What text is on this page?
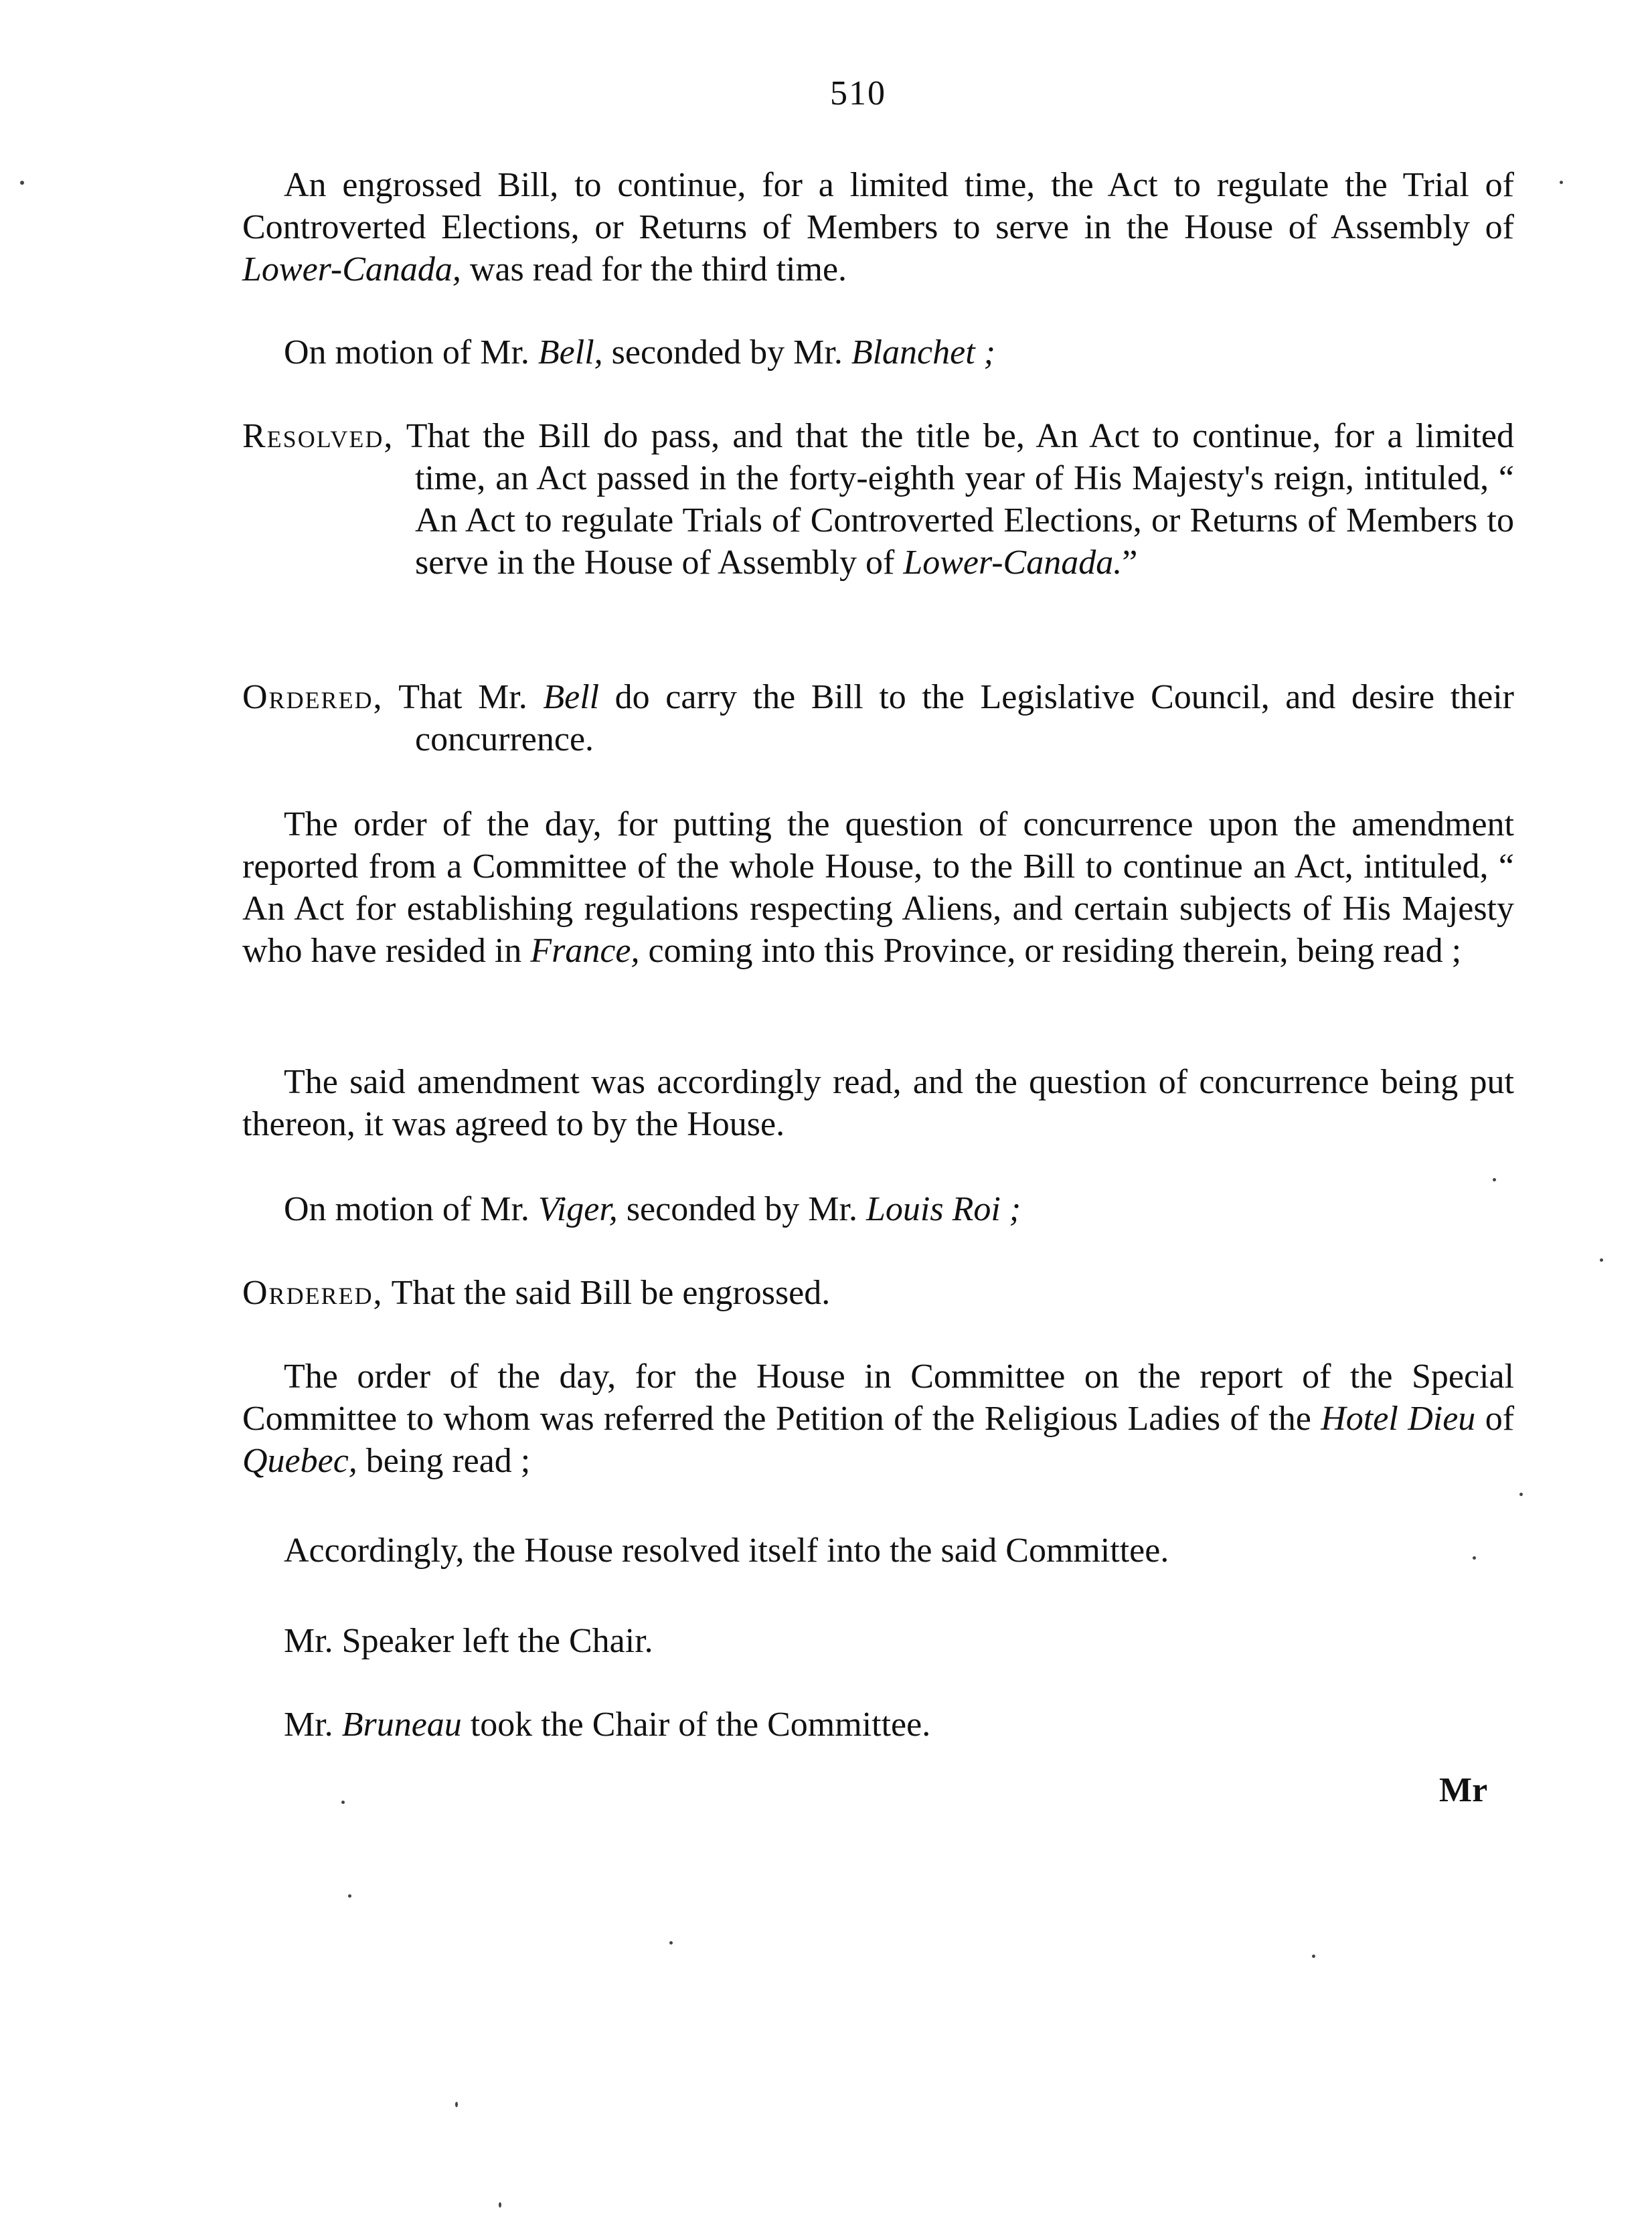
510

An engrossed Bill, to continue, for a limited time, the Act to regulate the Trial of Controverted Elections, or Returns of Members to serve in the House of Assembly of Lower-Canada, was read for the third time.

On motion of Mr. Bell, seconded by Mr. Blanchet ;

Resolved, That the Bill do pass, and that the title be, An Act to continue, for a limited time, an Act passed in the forty-eighth year of His Majesty's reign, intituled, “ An Act to regulate Trials of Controverted Elections, or Returns of Members to serve in the House of Assembly of Lower-Canada.”

Ordered, That Mr. Bell do carry the Bill to the Legislative Council, and desire their concurrence.

The order of the day, for putting the question of concurrence upon the amendment reported from a Committee of the whole House, to the Bill to continue an Act, intituled, “ An Act for establishing regulations respecting Aliens, and certain subjects of His Majesty who have resided in France, coming into this Province, or residing therein, being read ;

The said amendment was accordingly read, and the question of concurrence being put thereon, it was agreed to by the House.

On motion of Mr. Viger, seconded by Mr. Louis Roi ;

Ordered, That the said Bill be engrossed.

The order of the day, for the House in Committee on the report of the Special Committee to whom was referred the Petition of the Religious Ladies of the Hotel Dieu of Quebec, being read ;

Accordingly, the House resolved itself into the said Committee.

Mr. Speaker left the Chair.

Mr. Bruneau took the Chair of the Committee.

Mr
